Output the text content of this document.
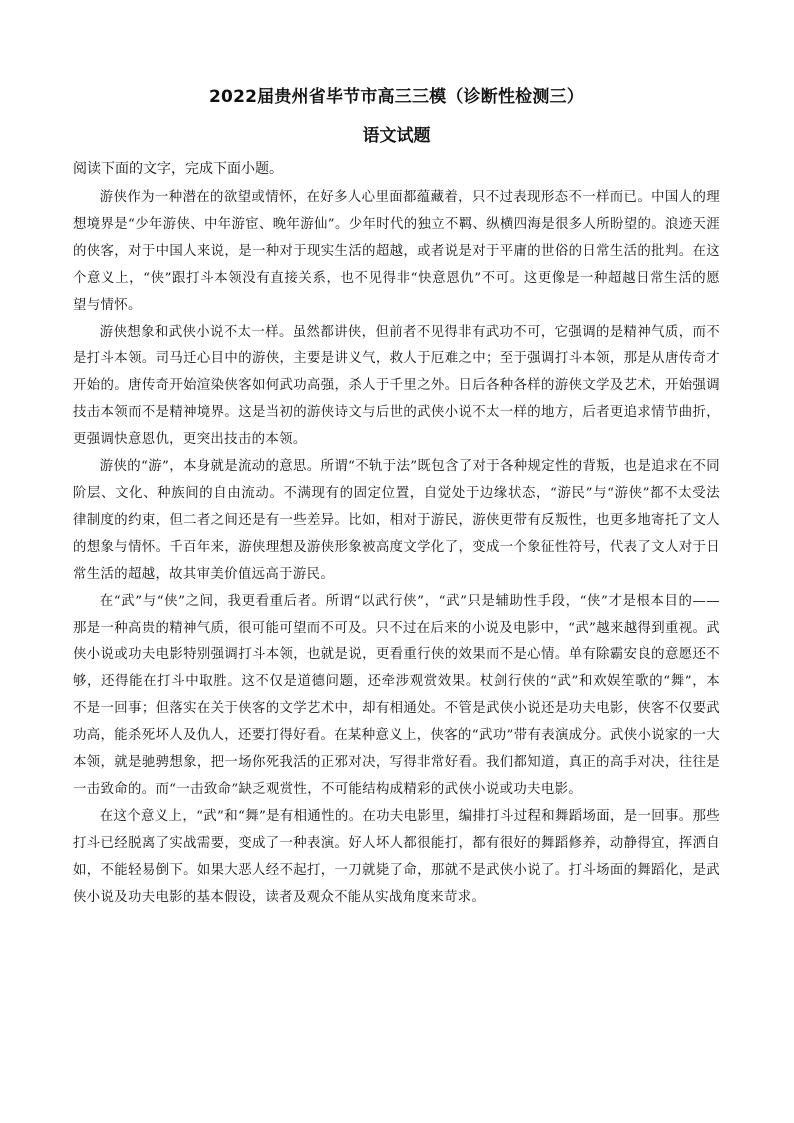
2022届贵州省毕节市高三三模（诊断性检测三）
语文试题

阅读下面的文字，完成下面小题。

游侠作为一种潜在的欲望或情怀，在好多人心里面都蕴藏着，只不过表现形态不一样而已。中国人的理想境界是“少年游侠、中年游宦、晚年游仙”。少年时代的独立不羁、纵横四海是很多人所盼望的。浪迹天涯的侠客，对于中国人来说，是一种对于现实生活的超越，或者说是对于平庸的世俗的日常生活的批判。在这个意义上，“侠”跟打斗本领没有直接关系，也不见得非“快意恩仇”不可。这更像是一种超越日常生活的愿望与情怀。

游侠想象和武侠小说不太一样。虽然都讲侠，但前者不见得非有武功不可，它强调的是精神气质，而不是打斗本领。司马迁心目中的游侠，主要是讲义气，救人于厄难之中；至于强调打斗本领，那是从唐传奇才开始的。唐传奇开始渲染侠客如何武功高强，杀人于千里之外。日后各种各样的游侠文学及艺术，开始强调技击本领而不是精神境界。这是当初的游侠诗文与后世的武侠小说不太一样的地方，后者更追求情节曲折，更强调快意恩仇，更突出技击的本领。

游侠的“游”，本身就是流动的意思。所谓“不轨于法”既包含了对于各种规定性的背叛，也是追求在不同阶层、文化、种族间的自由流动。不满现有的固定位置，自觉处于边缘状态，“游民”与“游侠”都不太受法律制度的约束，但二者之间还是有一些差异。比如，相对于游民，游侠更带有反叛性，也更多地寄托了文人的想象与情怀。千百年来，游侠理想及游侠形象被高度文学化了，变成一个象征性符号，代表了文人对于日常生活的超越，故其审美价值远高于游民。

在“武”与“侠”之间，我更看重后者。所谓“以武行侠”，“武”只是辅助性手段，“侠”才是根本目的——那是一种高贵的精神气质，很可能可望而不可及。只不过在后来的小说及电影中，“武”越来越得到重视。武侠小说或功夫电影特别强调打斗本领，也就是说，更看重行侠的效果而不是心情。单有除霸安良的意愿还不够，还得能在打斗中取胜。这不仅是道德问题，还牵涉观赏效果。杖剑行侠的“武”和欢娱笙歌的“舞”，本不是一回事；但落实在关于侠客的文学艺术中，却有相通处。不管是武侠小说还是功夫电影，侠客不仅要武功高，能杀死坏人及仇人，还要打得好看。在某种意义上，侠客的“武功”带有表演成分。武侠小说家的一大本领，就是驰骋想象，把一场你死我活的正邪对决，写得非常好看。我们都知道，真正的高手对决，往往是一击致命的。而“一击致命”缺乏观赏性，不可能结构成精彩的武侠小说或功夫电影。

在这个意义上，“武”和“舞”是有相通性的。在功夫电影里，编排打斗过程和舞蹈场面，是一回事。那些打斗已经脱离了实战需要，变成了一种表演。好人坏人都很能打，都有很好的舞蹈修养，动静得宜，挥洒自如，不能轻易倒下。如果大恶人经不起打，一刀就毙了命，那就不是武侠小说了。打斗场面的舞蹈化，是武侠小说及功夫电影的基本假设，读者及观众不能从实战角度来苛求。
